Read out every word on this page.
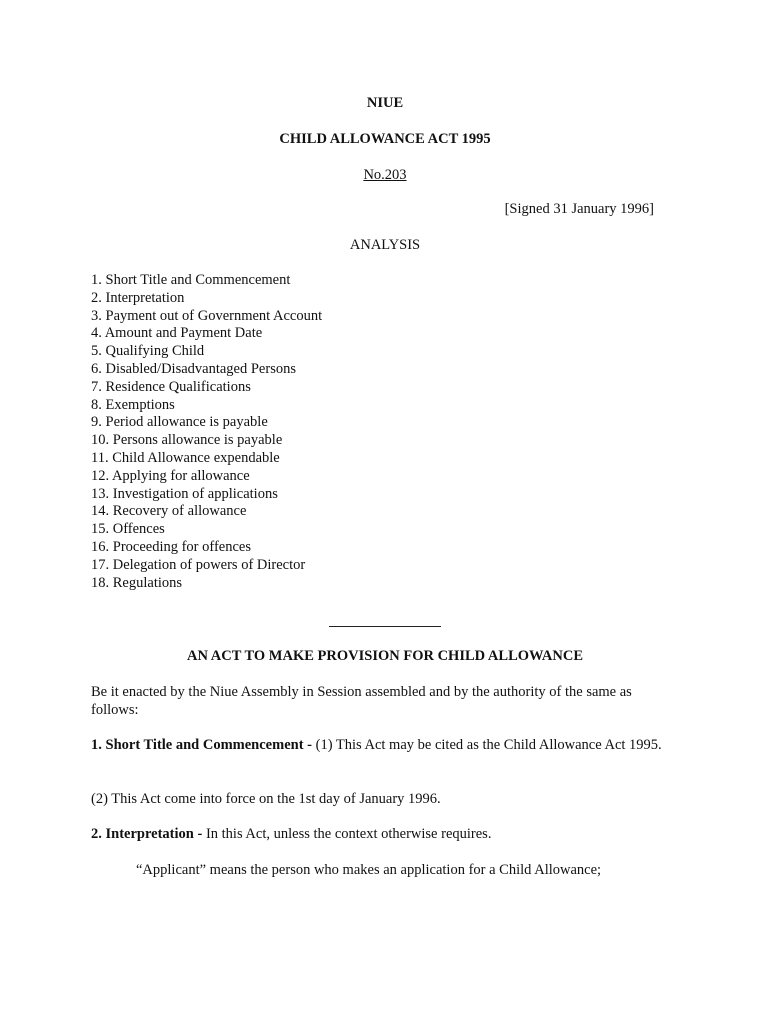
NIUE
CHILD ALLOWANCE ACT 1995
No.203
[Signed 31 January 1996]
ANALYSIS
1. Short Title and Commencement
2. Interpretation
3. Payment out of Government Account
4. Amount and Payment Date
5. Qualifying Child
6. Disabled/Disadvantaged Persons
7. Residence Qualifications
8. Exemptions
9. Period allowance is payable
10. Persons allowance is payable
11. Child Allowance expendable
12. Applying for allowance
13. Investigation of applications
14. Recovery of allowance
15. Offences
16. Proceeding for offences
17. Delegation of powers of Director
18. Regulations
AN ACT TO MAKE PROVISION FOR CHILD ALLOWANCE
Be it enacted by the Niue Assembly in Session assembled and by the authority of the same as follows:
1. Short Title and Commencement - (1) This Act may be cited as the Child Allowance Act 1995.
(2) This Act come into force on the 1st day of January 1996.
2. Interpretation - In this Act, unless the context otherwise requires.
“Applicant” means the person who makes an application for a Child Allowance;
